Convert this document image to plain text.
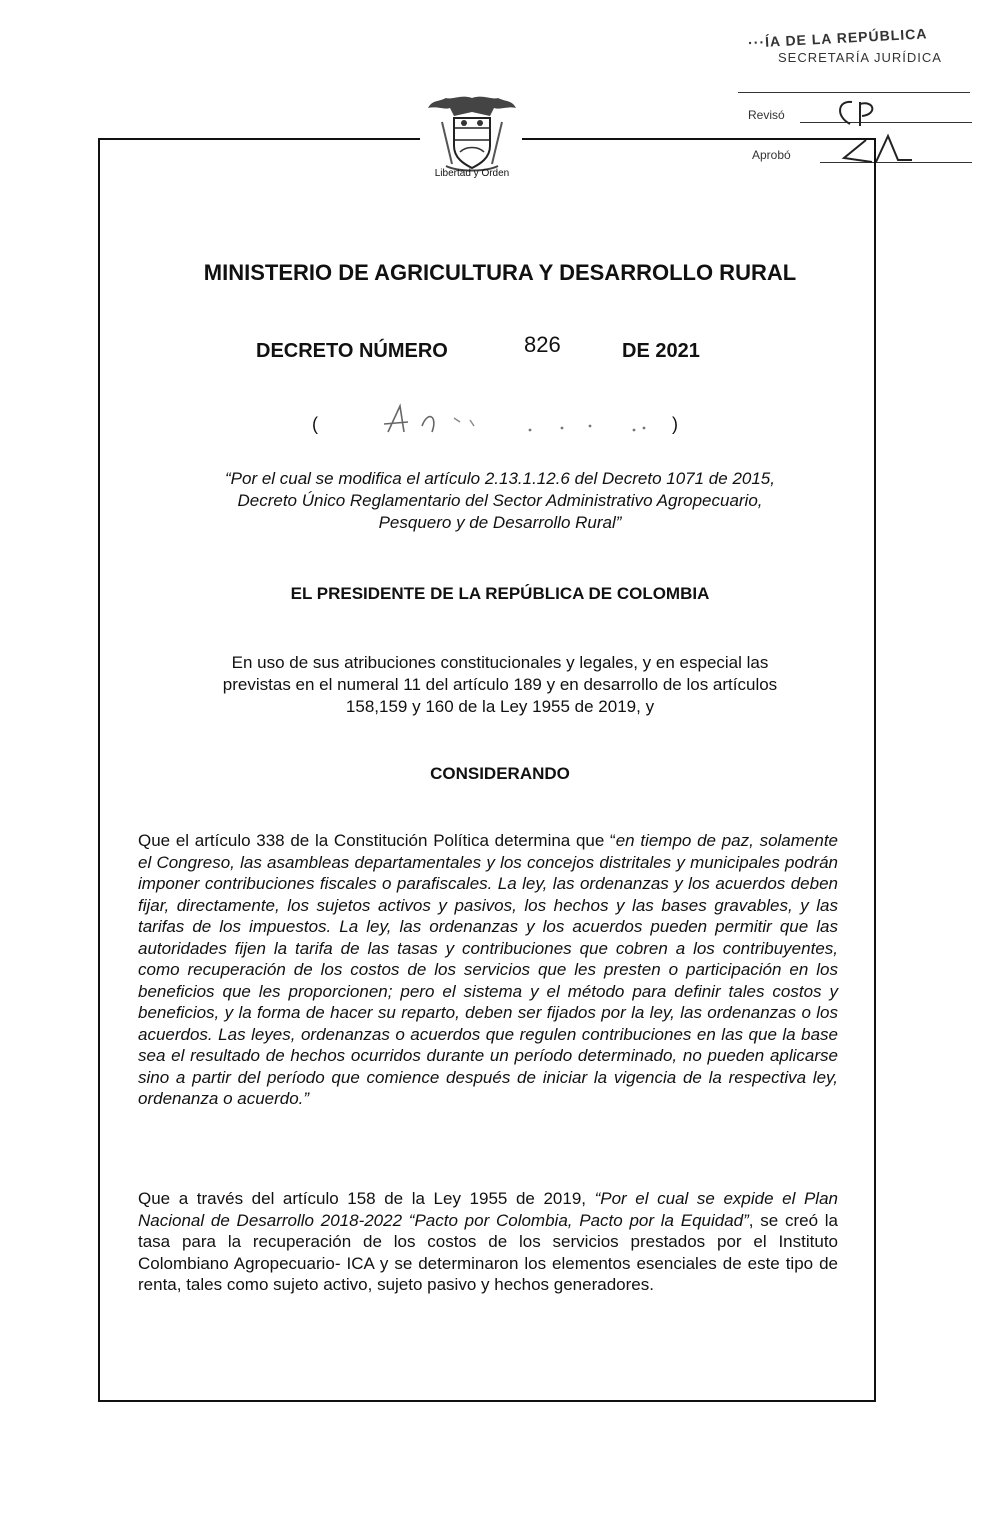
···ÍA DE LA REPÚBLICA
SECRETARÍA JURÍDICA
Revisó
Aprobó
Libertad y Orden
MINISTERIO DE AGRICULTURA Y DESARROLLO RURAL
DECRETO NÚMERO	826	DE 2021
(	)
“Por el cual se modifica el artículo 2.13.1.12.6 del Decreto 1071 de 2015,
Decreto Único Reglamentario del Sector Administrativo Agropecuario,
Pesquero y de Desarrollo Rural”
EL PRESIDENTE DE LA REPÚBLICA DE COLOMBIA
En uso de sus atribuciones constitucionales y legales, y en especial las
previstas en el numeral 11 del artículo 189 y en desarrollo de los artículos
158,159 y 160 de la Ley 1955 de 2019, y
CONSIDERANDO
Que el artículo 338 de la Constitución Política determina que “en tiempo de paz, solamente el Congreso, las asambleas departamentales y los concejos distritales y municipales podrán imponer contribuciones fiscales o parafiscales. La ley, las ordenanzas y los acuerdos deben fijar, directamente, los sujetos activos y pasivos, los hechos y las bases gravables, y las tarifas de los impuestos. La ley, las ordenanzas y los acuerdos pueden permitir que las autoridades fijen la tarifa de las tasas y contribuciones que cobren a los contribuyentes, como recuperación de los costos de los servicios que les presten o participación en los beneficios que les proporcionen; pero el sistema y el método para definir tales costos y beneficios, y la forma de hacer su reparto, deben ser fijados por la ley, las ordenanzas o los acuerdos. Las leyes, ordenanzas o acuerdos que regulen contribuciones en las que la base sea el resultado de hechos ocurridos durante un período determinado, no pueden aplicarse sino a partir del período que comience después de iniciar la vigencia de la respectiva ley, ordenanza o acuerdo.”
Que a través del artículo 158 de la Ley 1955 de 2019, “Por el cual se expide el Plan Nacional de Desarrollo 2018-2022 “Pacto por Colombia, Pacto por la Equidad”, se creó la tasa para la recuperación de los costos de los servicios prestados por el Instituto Colombiano Agropecuario- ICA y se determinaron los elementos esenciales de este tipo de renta, tales como sujeto activo, sujeto pasivo y hechos generadores.
